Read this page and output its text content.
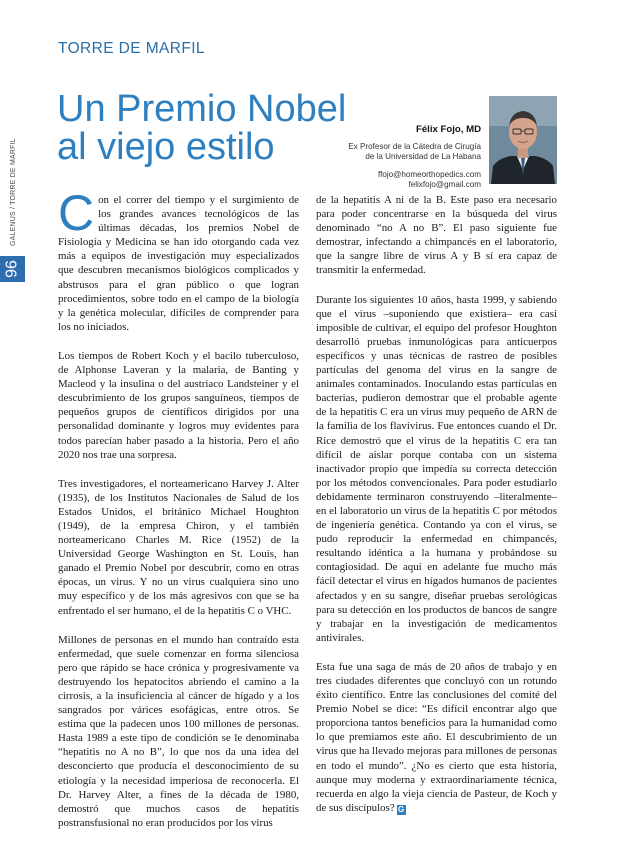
TORRE DE MARFIL
Un Premio Nobel al viejo estilo	Félix Fojo, MD
Ex Profesor de la Cátedra de Cirugía
de la Universidad de La Habana
ffojo@homeorthopedics.com
felixfojo@gmail.com
96
GALENUS / TORRE DE MARFIL Con el correr del tiempo y el surgimiento de los grandes avances tecnológicos de las últimas décadas, los premios Nobel de Fisiología y Medicina se han ido otorgando cada vez más a equipos de investigación muy especializados que descubren mecanismos biológicos complicados y abstrusos para el gran público o que logran procedimientos, sobre todo en el campo de la biología y la genética molecular, difíciles de comprender para los no iniciados.

Los tiempos de Robert Koch y el bacilo tuberculoso, de Alphonse Laveran y la malaria, de Banting y Macleod y la insulina o del austriaco Landsteiner y el descubrimiento de los grupos sanguíneos, tiempos de pequeños grupos de científicos dirigidos por una personalidad dominante y logros muy evidentes para todos parecían haber pasado a la historia. Pero el año 2020 nos trae una sorpresa.

Tres investigadores, el norteamericano Harvey J. Alter (1935), de los Institutos Nacionales de Salud de los Estados Unidos, el británico Michael Houghton (1949), de la empresa Chiron, y el también norteamericano Charles M. Rice (1952) de la Universidad George Washington en St. Louis, han ganado el Premio Nobel por descubrir, como en otras épocas, un virus. Y no un virus cualquiera sino uno muy específico y de los más agresivos con que se ha enfrentado el ser humano, el de la hepatitis C o VHC.

Millones de personas en el mundo han contraído esta enfermedad, que suele comenzar en forma silenciosa pero que rápido se hace crónica y progresivamente va destruyendo los hepatocitos abriendo el camino a la cirrosis, a la insuficiencia al cáncer de hígado y a los sangrados por várices esofágicas, entre otros. Se estima que la padecen unos 100 millones de personas. Hasta 1989 a este tipo de condición se le denominaba “hepatitis no A no B”, lo que nos da una idea del desconcierto que producía el desconocimiento de su etiología y la necesidad imperiosa de reconocerla. El Dr. Harvey Alter, a fines de la década de 1980, demostró que muchos casos de hepatitis postransfusional no eran producidos por los virus

de la hepatitis A ni de la B. Este paso era necesario para poder concentrarse en la búsqueda del virus denominado “no A no B”. El paso siguiente fue demostrar, infectando a chimpancés en el laboratorio, que la sangre libre de virus A y B sí era capaz de transmitir la enfermedad.

Durante los siguientes 10 años, hasta 1999, y sabiendo que el virus –suponiendo que existiera– era casi imposible de cultivar, el equipo del profesor Houghton desarrolló pruebas inmunológicas para anticuerpos específicos y unas técnicas de rastreo de posibles partículas del genoma del virus en la sangre de animales contaminados. Inoculando estas partículas en bacterias, pudieron demostrar que el probable agente de la hepatitis C era un virus muy pequeño de ARN de la familia de los flavivirus. Fue entonces cuando el Dr. Rice demostró que el virus de la hepatitis C era tan difícil de aislar porque contaba con un sistema inactivador propio que impedía su correcta detección por los métodos convencionales. Para poder estudiarlo debidamente terminaron construyendo –literalmente– en el laboratorio un virus de la hepatitis C por métodos de ingeniería genética. Contando ya con el virus, se pudo reproducir la enfermedad en chimpancés, resultando idéntica a la humana y probándose su contagiosidad. De aquí en adelante fue mucho más fácil detectar el virus en hígados humanos de pacientes afectados y en su sangre, diseñar pruebas serológicas para su detección en los productos de bancos de sangre y trabajar en la investigación de medicamentos antivirales.

Esta fue una saga de más de 20 años de trabajo y en tres ciudades diferentes que concluyó con un rotundo éxito científico. Entre las conclusiones del comité del Premio Nobel se dice: “Es difícil encontrar algo que proporciona tantos beneficios para la humanidad como lo que premiamos este año. El descubrimiento de un virus que ha llevado mejoras para millones de personas en todo el mundo”. ¿No es cierto que esta historia, aunque muy moderna y extraordinariamente técnica, recuerda en algo la vieja ciencia de Pasteur, de Koch y de sus discípulos? G
